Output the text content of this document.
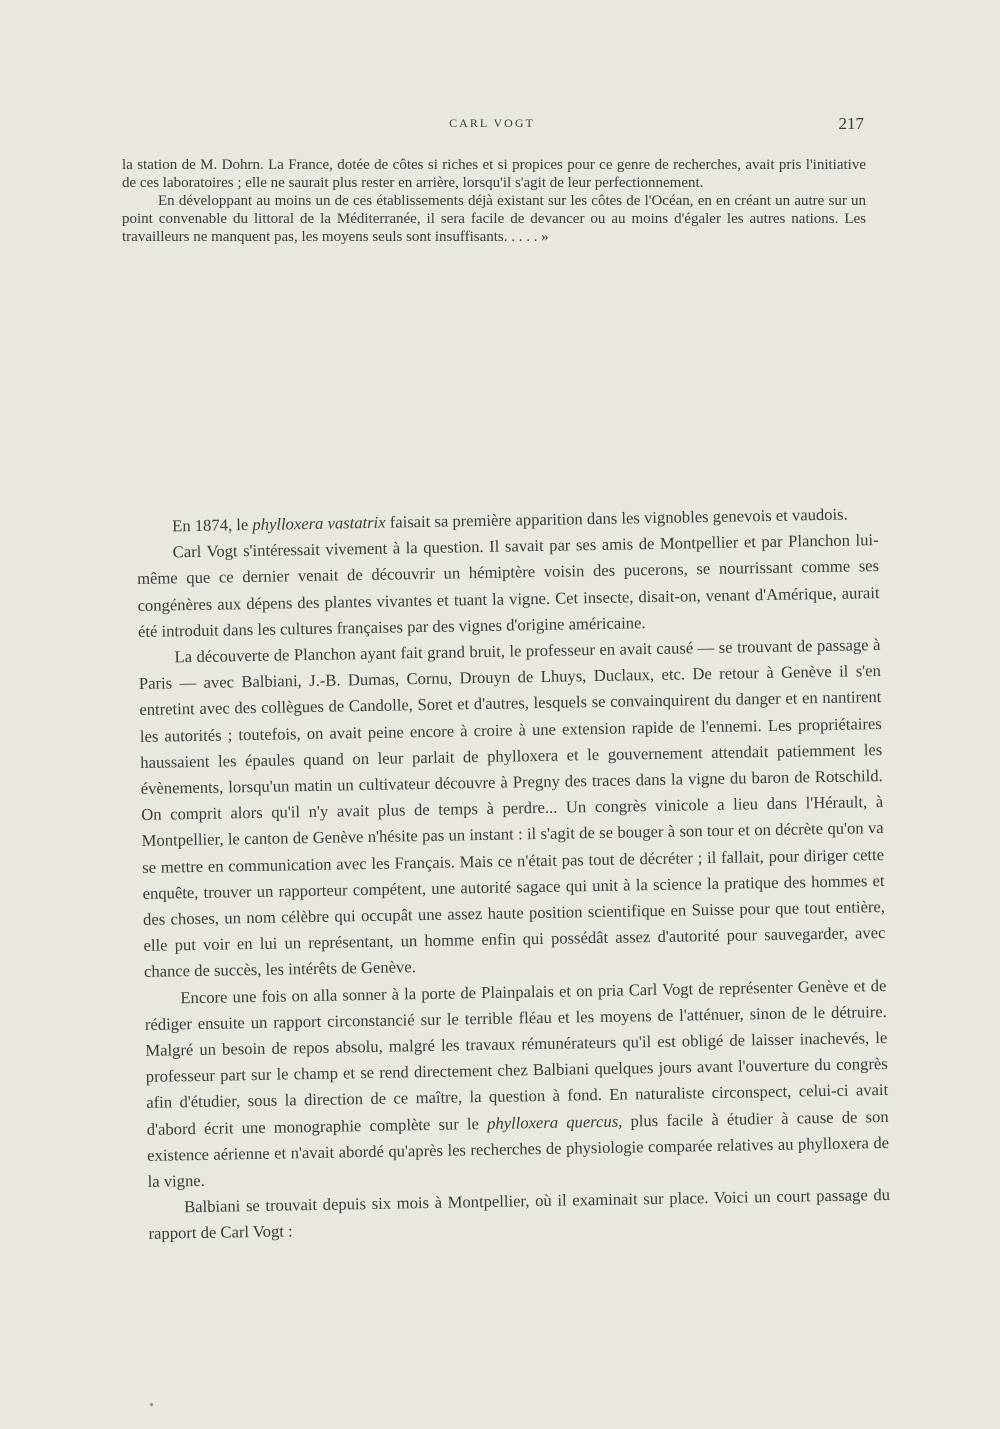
CARL VOGT	217

la station de M. Dohrn. La France, dotée de côtes si riches et si propices pour ce genre de recherches, avait pris l'initiative de ces laboratoires ; elle ne saurait plus rester en arrière, lorsqu'il s'agit de leur perfectionnement.

En développant au moins un de ces établissements déjà existant sur les côtes de l'Océan, en en créant un autre sur un point convenable du littoral de la Méditerranée, il sera facile de devancer ou au moins d'égaler les autres nations. Les travailleurs ne manquent pas, les moyens seuls sont insuffisants. . . . . »

En 1874, le phylloxera vastatrix faisait sa première apparition dans les vignobles genevois et vaudois.

Carl Vogt s'intéressait vivement à la question. Il savait par ses amis de Montpellier et par Planchon lui-même que ce dernier venait de découvrir un hémiptère voisin des pucerons, se nourrissant comme ses congénères aux dépens des plantes vivantes et tuant la vigne. Cet insecte, disait-on, venant d'Amérique, aurait été introduit dans les cultures françaises par des vignes d'origine américaine.

La découverte de Planchon ayant fait grand bruit, le professeur en avait causé — se trouvant de passage à Paris — avec Balbiani, J.-B. Dumas, Cornu, Drouyn de Lhuys, Duclaux, etc. De retour à Genève il s'en entretint avec des collègues de Candolle, Soret et d'autres, lesquels se convainquirent du danger et en nantirent les autorités ; toutefois, on avait peine encore à croire à une extension rapide de l'ennemi. Les propriétaires haussaient les épaules quand on leur parlait de phylloxera et le gouvernement attendait patiemment les évènements, lorsqu'un matin un cultivateur découvre à Pregny des traces dans la vigne du baron de Rotschild. On comprit alors qu'il n'y avait plus de temps à perdre... Un congrès vinicole a lieu dans l'Hérault, à Montpellier, le canton de Genève n'hésite pas un instant : il s'agit de se bouger à son tour et on décrète qu'on va se mettre en communication avec les Français. Mais ce n'était pas tout de décréter ; il fallait, pour diriger cette enquête, trouver un rapporteur compétent, une autorité sagace qui unit à la science la pratique des hommes et des choses, un nom célèbre qui occupât une assez haute position scientifique en Suisse pour que tout entière, elle put voir en lui un représentant, un homme enfin qui possédât assez d'autorité pour sauvegarder, avec chance de succès, les intérêts de Genève.

Encore une fois on alla sonner à la porte de Plainpalais et on pria Carl Vogt de représenter Genève et de rédiger ensuite un rapport circonstancié sur le terrible fléau et les moyens de l'atténuer, sinon de le détruire. Malgré un besoin de repos absolu, malgré les travaux rémunérateurs qu'il est obligé de laisser inachevés, le professeur part sur le champ et se rend directement chez Balbiani quelques jours avant l'ouverture du congrès afin d'étudier, sous la direction de ce maître, la question à fond. En naturaliste circonspect, celui-ci avait d'abord écrit une monographie complète sur le phylloxera quercus, plus facile à étudier à cause de son existence aérienne et n'avait abordé qu'après les recherches de physiologie comparée relatives au phylloxera de la vigne.

Balbiani se trouvait depuis six mois à Montpellier, où il examinait sur place. Voici un court passage du rapport de Carl Vogt :
